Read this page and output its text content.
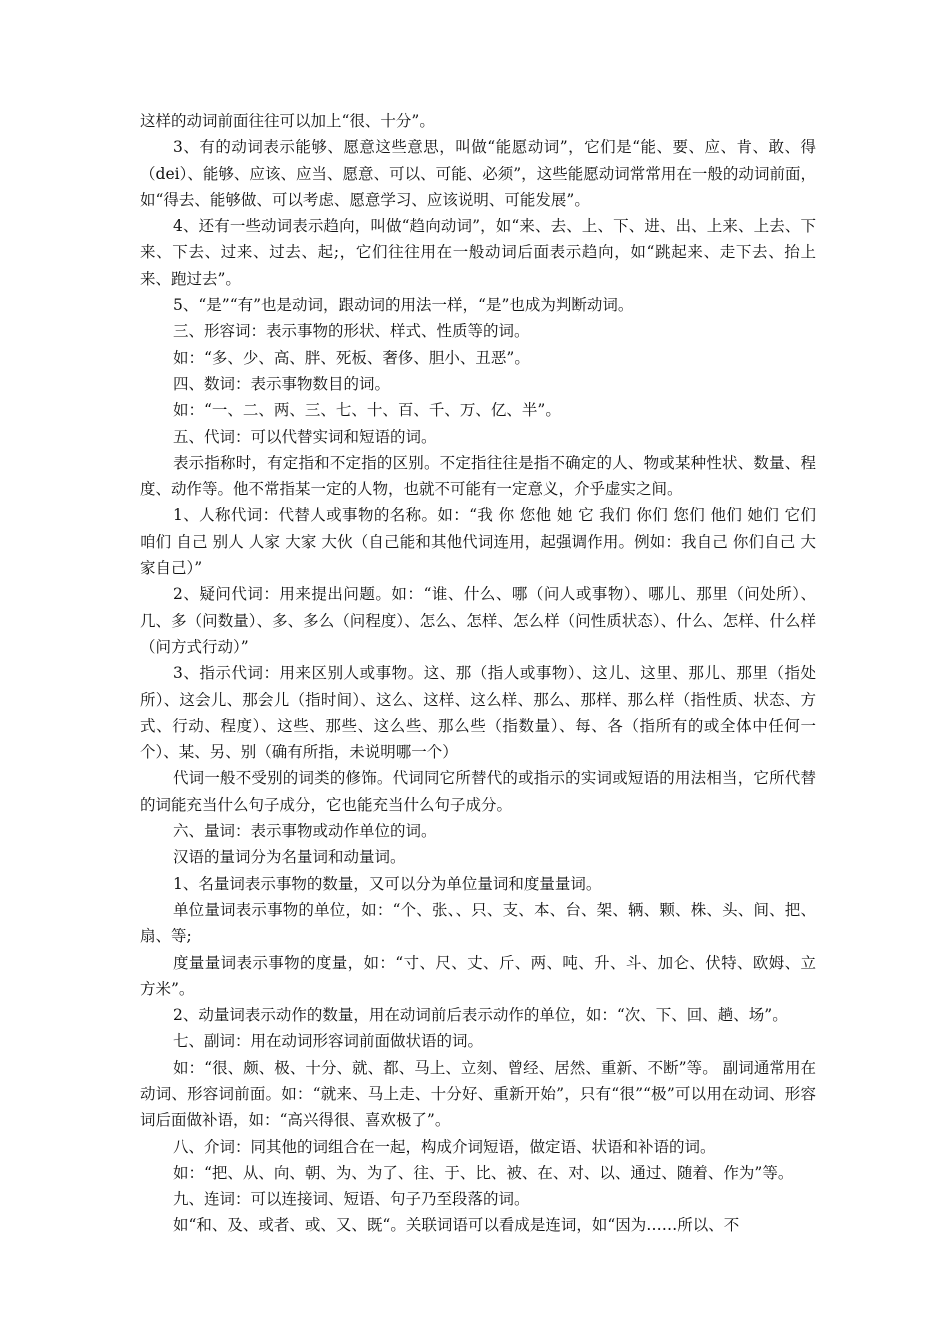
这样的动词前面往往可以加上“很、十分”。

3、有的动词表示能够、愿意这些意思，叫做“能愿动词”，它们是“能、要、应、肯、敢、得（dei）、能够、应该、应当、愿意、可以、可能、必须”，这些能愿动词常常用在一般的动词前面，如“得去、能够做、可以考虑、愿意学习、应该说明、可能发展”。

4、还有一些动词表示趋向，叫做“趋向动词”，如“来、去、上、下、进、出、上来、上去、下来、下去、过来、过去、起;，它们往往用在一般动词后面表示趋向，如“跳起来、走下去、抬上来、跑过去”。

5、“是”“有”也是动词，跟动词的用法一样，“是”也成为判断动词。

三、形容词：表示事物的形状、样式、性质等的词。

如：“多、少、高、胖、死板、奢侈、胆小、丑恶”。

四、数词：表示事物数目的词。

如：“一、二、两、三、七、十、百、千、万、亿、半”。

五、代词：可以代替实词和短语的词。

表示指称时，有定指和不定指的区别。不定指往往是指不确定的人、物或某种性状、数量、程度、动作等。他不常指某一定的人物，也就不可能有一定意义，介乎虚实之间。

1、人称代词：代替人或事物的名称。如：“我 你 您他 她 它 我们 你们 您们 他们 她们 它们 咱们 自己 别人 人家 大家 大伙（自己能和其他代词连用，起强调作用。例如：我自己 你们自己 大家自己）”

2、疑问代词：用来提出问题。如：“谁、什么、哪（问人或事物）、哪儿、那里（问处所）、几、多（问数量）、多、多么（问程度）、怎么、怎样、怎么样（问性质状态）、什么、怎样、什么样（问方式行动）”

3、指示代词：用来区别人或事物。这、那（指人或事物）、这儿、这里、那儿、那里（指处所）、这会儿、那会儿（指时间）、这么、这样、这么样、那么、那样、那么样（指性质、状态、方式、行动、程度）、这些、那些、这么些、那么些（指数量）、每、各（指所有的或全体中任何一个）、某、另、别（确有所指，未说明哪一个）

代词一般不受别的词类的修饰。代词同它所替代的或指示的实词或短语的用法相当，它所代替的词能充当什么句子成分，它也能充当什么句子成分。

六、量词：表示事物或动作单位的词。

汉语的量词分为名量词和动量词。

1、名量词表示事物的数量，又可以分为单位量词和度量量词。

单位量词表示事物的单位，如：“个、张、、只、支、本、台、架、辆、颗、株、头、间、把、扇、等;

度量量词表示事物的度量，如：“寸、尺、丈、斤、两、吨、升、斗、加仑、伏特、欧姆、立方米”。

2、动量词表示动作的数量，用在动词前后表示动作的单位，如：“次、下、回、趟、场”。

七、副词：用在动词形容词前面做状语的词。

如：“很、颇、极、十分、就、都、马上、立刻、曾经、居然、重新、不断”等。 副词通常用在动词、形容词前面。如：“就来、马上走、十分好、重新开始”，只有“很”“极”可以用在动词、形容词后面做补语，如：“高兴得很、喜欢极了”。

八、介词：同其他的词组合在一起，构成介词短语，做定语、状语和补语的词。

如：“把、从、向、朝、为、为了、往、于、比、被、在、对、以、通过、随着、作为”等。

九、连词：可以连接词、短语、句子乃至段落的词。

如“和、及、或者、或、又、既“。关联词语可以看成是连词，如“因为……所以、不
